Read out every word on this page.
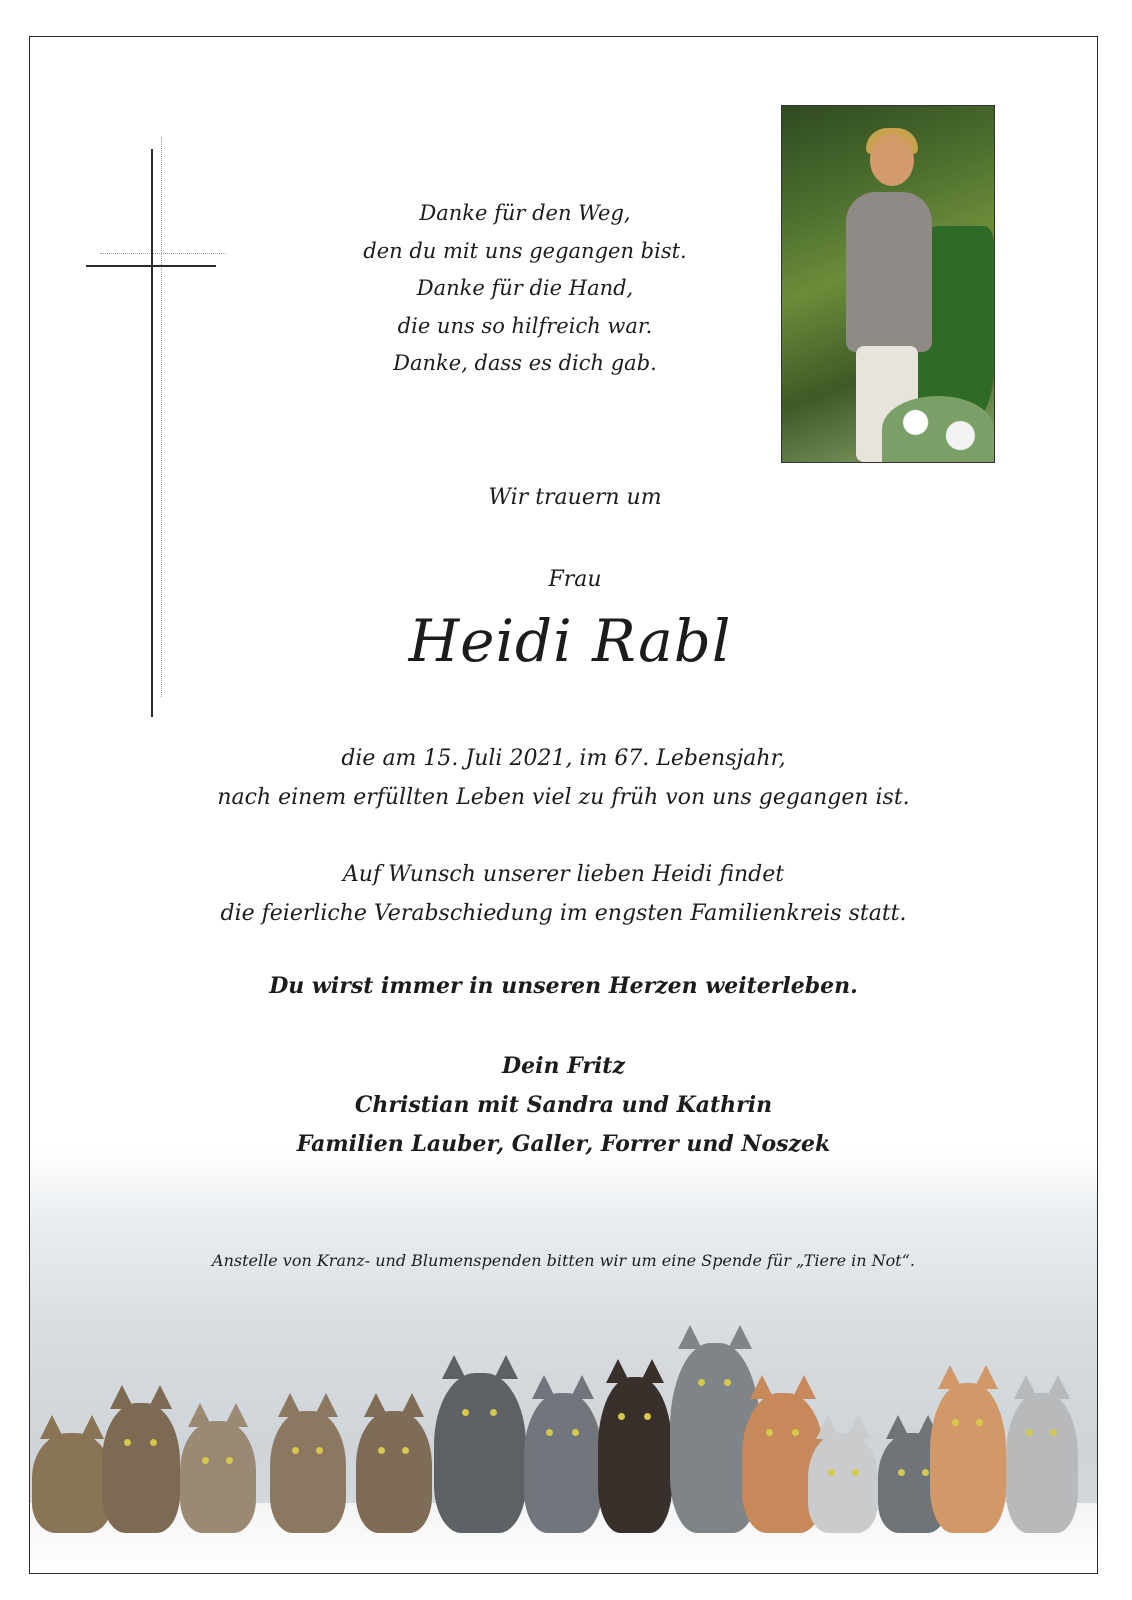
Danke für den Weg,
den du mit uns gegangen bist.
Danke für die Hand,
die uns so hilfreich war.
Danke, dass es dich gab.
Wir trauern um
Frau
Heidi Rabl
die am 15. Juli 2021, im 67. Lebensjahr,
nach einem erfüllten Leben viel zu früh von uns gegangen ist.
Auf Wunsch unserer lieben Heidi findet
die feierliche Verabschiedung im engsten Familienkreis statt.
Du wirst immer in unseren Herzen weiterleben.
Dein Fritz
Christian mit Sandra und Kathrin
Familien Lauber, Galler, Forrer und Noszek
Anstelle von Kranz- und Blumenspenden bitten wir um eine Spende für „Tiere in Not“.
